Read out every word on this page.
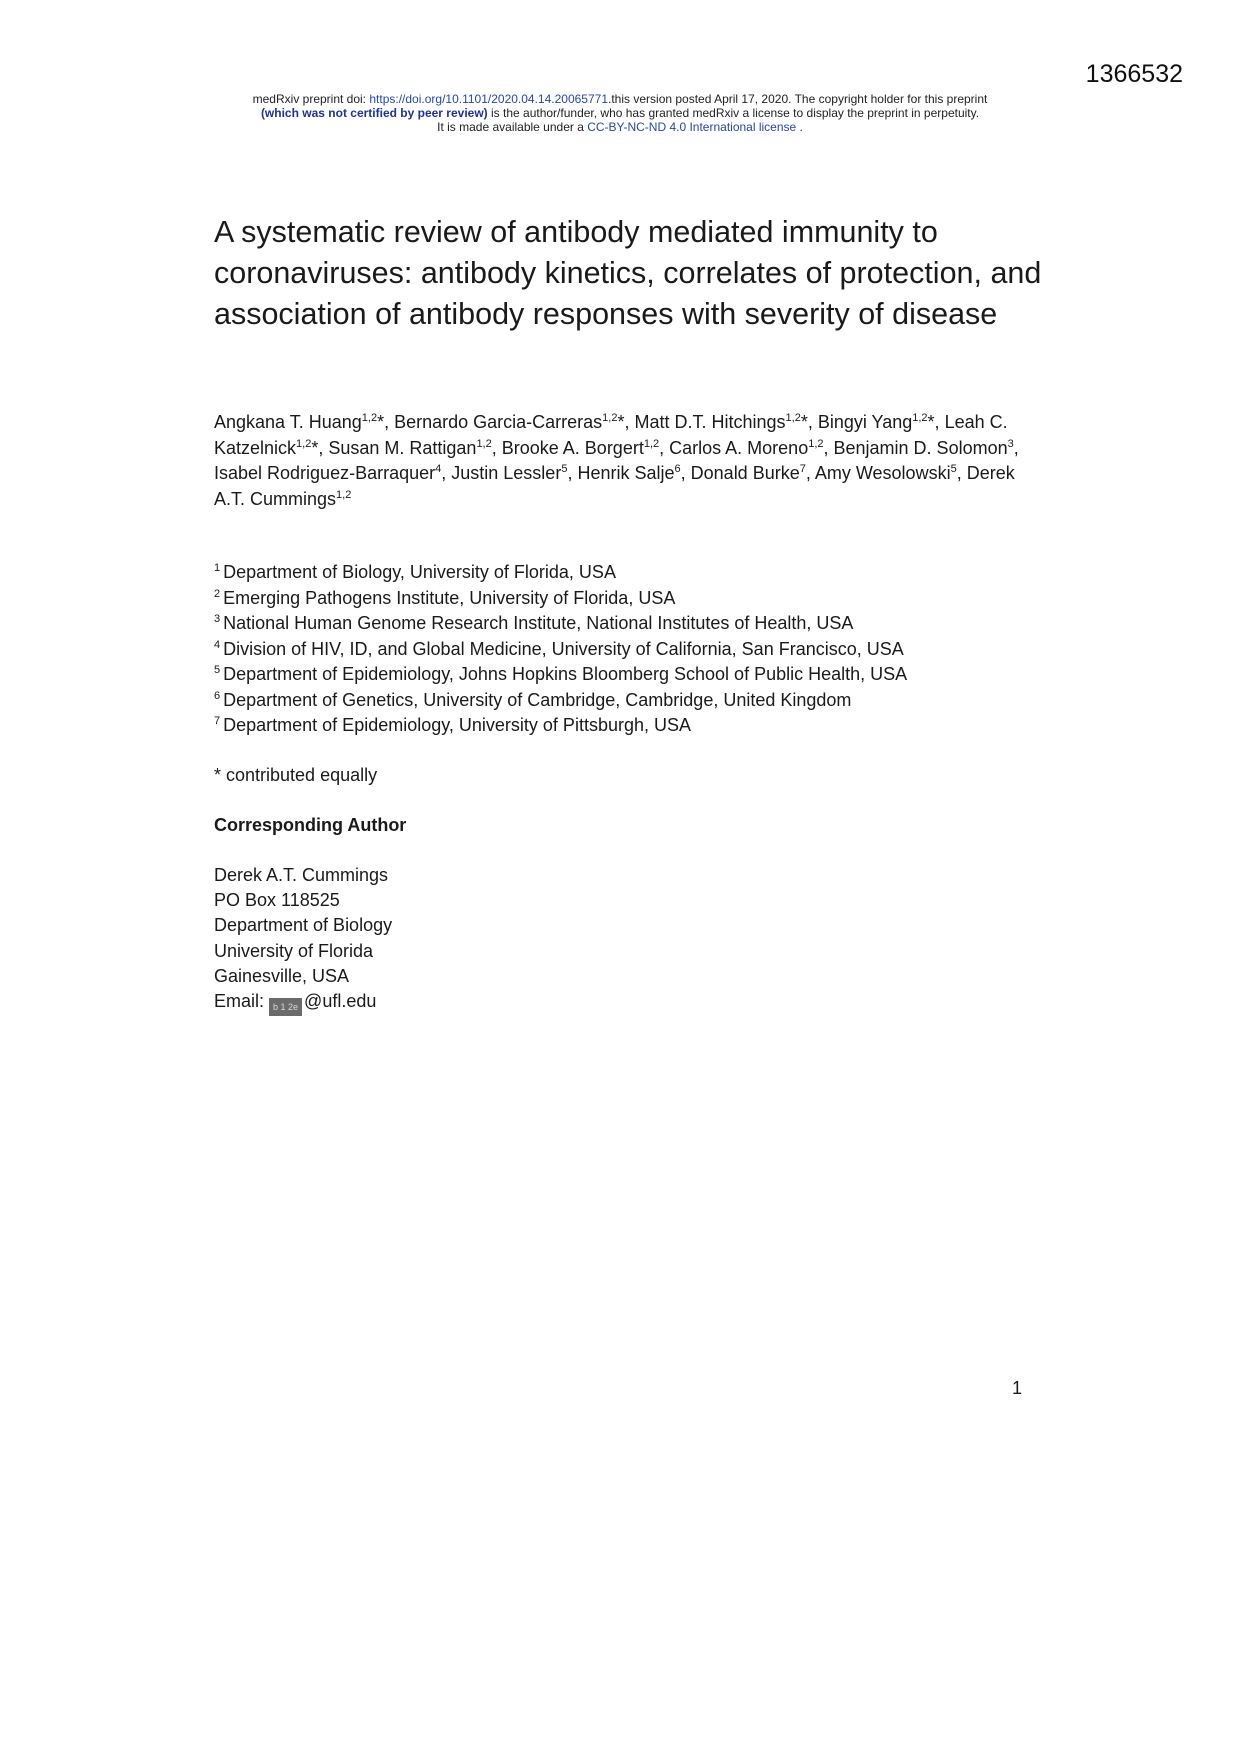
1366532
medRxiv preprint doi: https://doi.org/10.1101/2020.04.14.20065771.this version posted April 17, 2020. The copyright holder for this preprint
(which was not certified by peer review) is the author/funder, who has granted medRxiv a license to display the preprint in perpetuity.
It is made available under a CC-BY-NC-ND 4.0 International license .
A systematic review of antibody mediated immunity to coronaviruses: antibody kinetics, correlates of protection, and association of antibody responses with severity of disease
Angkana T. Huang$^{1,2}$*, Bernardo Garcia-Carreras$^{1,2}$*, Matt D.T. Hitchings$^{1,2}$*, Bingyi Yang$^{1,2}$*, Leah C. Katzelnick$^{1,2}$*, Susan M. Rattigan$^{1,2}$, Brooke A. Borgert$^{1,2}$, Carlos A. Moreno$^{1,2}$, Benjamin D. Solomon$^3$, Isabel Rodriguez-Barraquer$^4$, Justin Lessler$^5$, Henrik Salje$^6$, Donald Burke$^7$, Amy Wesolowski$^5$, Derek A.T. Cummings$^{1,2}$
$^1$ Department of Biology, University of Florida, USA
$^2$ Emerging Pathogens Institute, University of Florida, USA
$^3$ National Human Genome Research Institute, National Institutes of Health, USA
$^4$ Division of HIV, ID, and Global Medicine, University of California, San Francisco, USA
$^5$ Department of Epidemiology, Johns Hopkins Bloomberg School of Public Health, USA
$^6$ Department of Genetics, University of Cambridge, Cambridge, United Kingdom
$^7$ Department of Epidemiology, University of Pittsburgh, USA
* contributed equally
Corresponding Author
Derek A.T. Cummings
PO Box 118525
Department of Biology
University of Florida
Gainesville, USA
Email: b 1 2e @ufl.edu
1
